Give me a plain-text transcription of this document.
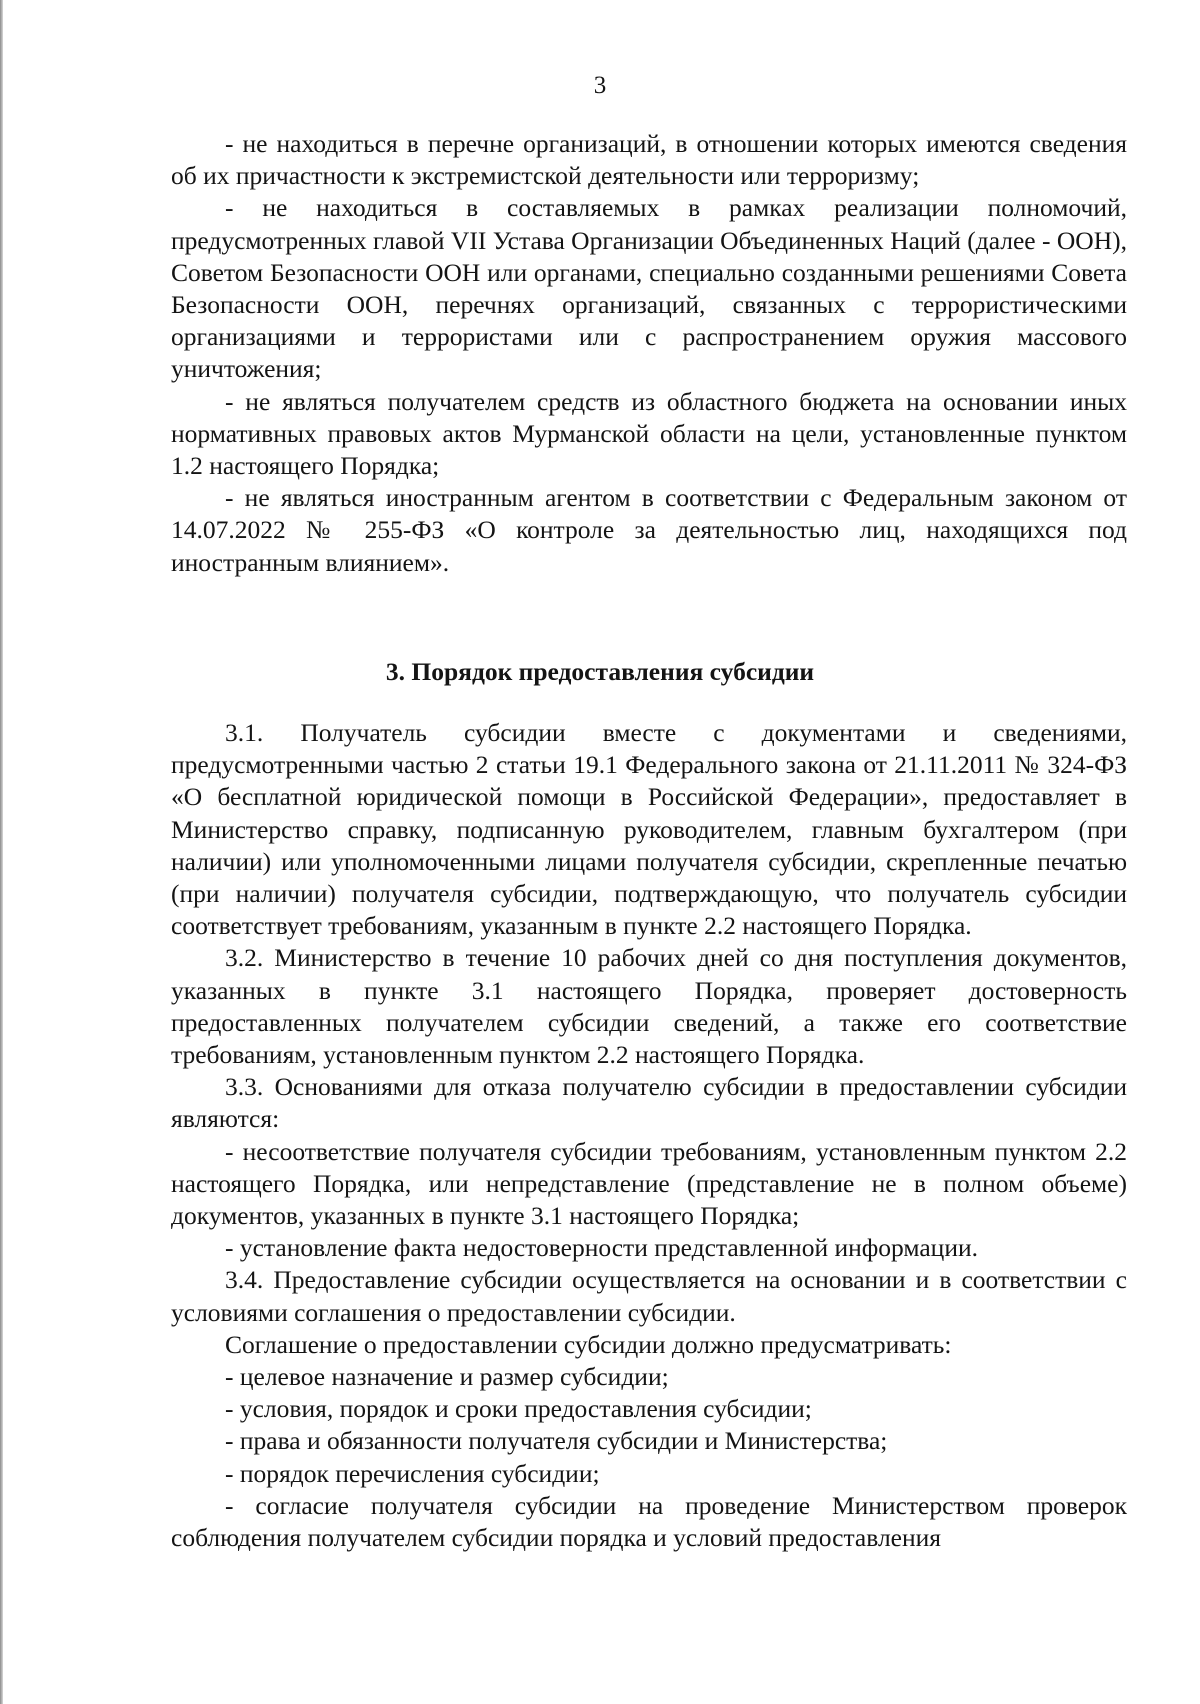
3

- не находиться в перечне организаций, в отношении которых имеются сведения об их причастности к экстремистской деятельности или терроризму;

- не находиться в составляемых в рамках реализации полномочий, предусмотренных главой VII Устава Организации Объединенных Наций (далее - ООН), Советом Безопасности ООН или органами, специально созданными решениями Совета Безопасности ООН, перечнях организаций, связанных с террористическими организациями и террористами или с распространением оружия массового уничтожения;

- не являться получателем средств из областного бюджета на основании иных нормативных правовых актов Мурманской области на цели, установленные пунктом 1.2 настоящего Порядка;

- не являться иностранным агентом в соответствии с Федеральным законом от 14.07.2022 № 255-ФЗ «О контроле за деятельностью лиц, находящихся под иностранным влиянием».

3. Порядок предоставления субсидии

3.1. Получатель субсидии вместе с документами и сведениями, предусмотренными частью 2 статьи 19.1 Федерального закона от 21.11.2011 № 324-ФЗ «О бесплатной юридической помощи в Российской Федерации», предоставляет в Министерство справку, подписанную руководителем, главным бухгалтером (при наличии) или уполномоченными лицами получателя субсидии, скрепленные печатью (при наличии) получателя субсидии, подтверждающую, что получатель субсидии соответствует требованиям, указанным в пункте 2.2 настоящего Порядка.

3.2. Министерство в течение 10 рабочих дней со дня поступления документов, указанных в пункте 3.1 настоящего Порядка, проверяет достоверность предоставленных получателем субсидии сведений, а также его соответствие требованиям, установленным пунктом 2.2 настоящего Порядка.

3.3. Основаниями для отказа получателю субсидии в предоставлении субсидии являются:

- несоответствие получателя субсидии требованиям, установленным пунктом 2.2 настоящего Порядка, или непредставление (представление не в полном объеме) документов, указанных в пункте 3.1 настоящего Порядка;

- установление факта недостоверности представленной информации.

3.4. Предоставление субсидии осуществляется на основании и в соответствии с условиями соглашения о предоставлении субсидии.

Соглашение о предоставлении субсидии должно предусматривать:

- целевое назначение и размер субсидии;

- условия, порядок и сроки предоставления субсидии;

- права и обязанности получателя субсидии и Министерства;

- порядок перечисления субсидии;

- согласие получателя субсидии на проведение Министерством проверок соблюдения получателем субсидии порядка и условий предоставления
